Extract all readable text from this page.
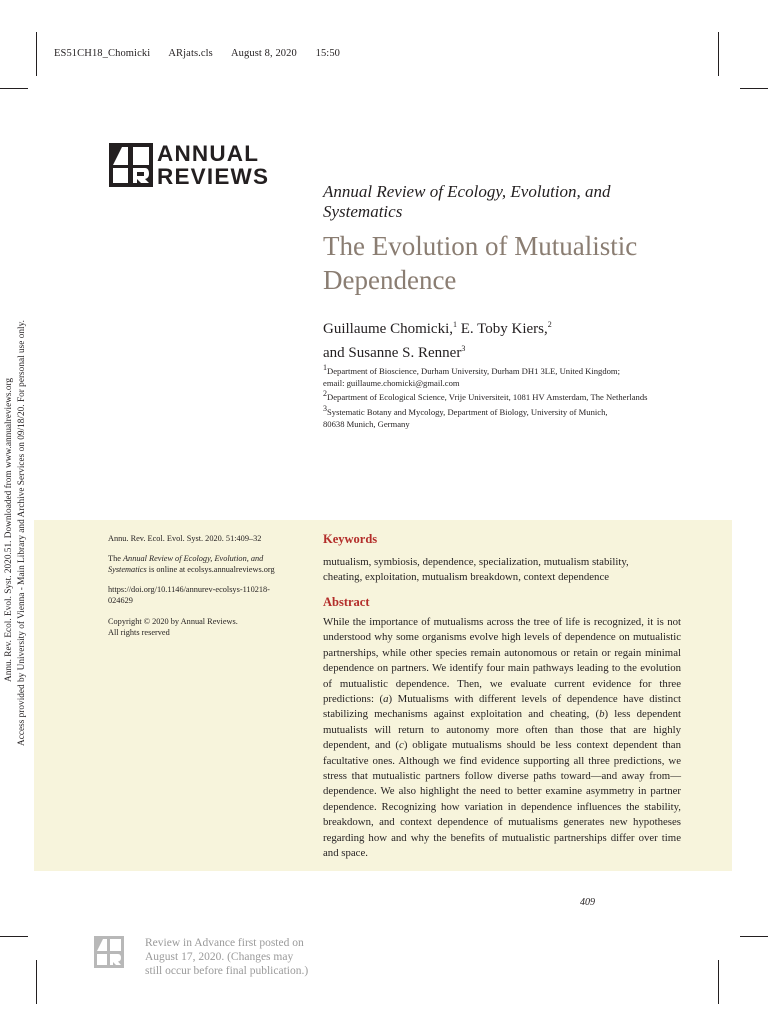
ES51CH18_Chomicki ARjats.cls August 8, 2020 15:50
ANNUAL
REVIEWS
Annual Review of Ecology, Evolution, and Systematics
The Evolution of Mutualistic Dependence
Guillaume Chomicki,$^1$ E. Toby Kiers,$^2$
and Susanne S. Renner$^3$
$^1$Department of Bioscience, Durham University, Durham DH1 3LE, United Kingdom;
email: guillaume.chomicki@gmail.com
$^2$Department of Ecological Science, Vrije Universiteit, 1081 HV Amsterdam, The Netherlands
$^3$Systematic Botany and Mycology, Department of Biology, University of Munich,
80638 Munich, Germany
Annu. Rev. Ecol. Evol. Syst. 2020. 51:409–32
The Annual Review of Ecology, Evolution, and
Systematics is online at ecolsys.annualreviews.org
https://doi.org/10.1146/annurev-ecolsys-110218-
024629
Copyright © 2020 by Annual Reviews.
All rights reserved
Keywords
mutualism, symbiosis, dependence, specialization, mutualism stability,
cheating, exploitation, mutualism breakdown, context dependence
Abstract
While the importance of mutualisms across the tree of life is recognized, it is not understood why some organisms evolve high levels of dependence on mutualistic partnerships, while other species remain autonomous or retain or regain minimal dependence on partners. We identify four main pathways leading to the evolution of mutualistic dependence. Then, we evaluate current evidence for three predictions: (a) Mutualisms with different levels of dependence have distinct stabilizing mechanisms against exploitation and cheating, (b) less dependent mutualists will return to autonomy more often than those that are highly dependent, and (c) obligate mutualisms should be less context dependent than facultative ones. Although we find evidence supporting all three predictions, we stress that mutualistic partners follow diverse paths toward—and away from—dependence. We also highlight the need to better examine asymmetry in partner dependence. Recognizing how variation in dependence influences the stability, breakdown, and context dependence of mutualisms generates new hypotheses regarding how and why the benefits of mutualistic partnerships differ over time and space.
409
Review in Advance first posted on
August 17, 2020. (Changes may
still occur before final publication.)
Annu. Rev. Ecol. Evol. Syst. 2020.51. Downloaded from www.annualreviews.org Access provided by University of Vienna - Main Library and Archive Services on 09/18/20. For personal use only.
